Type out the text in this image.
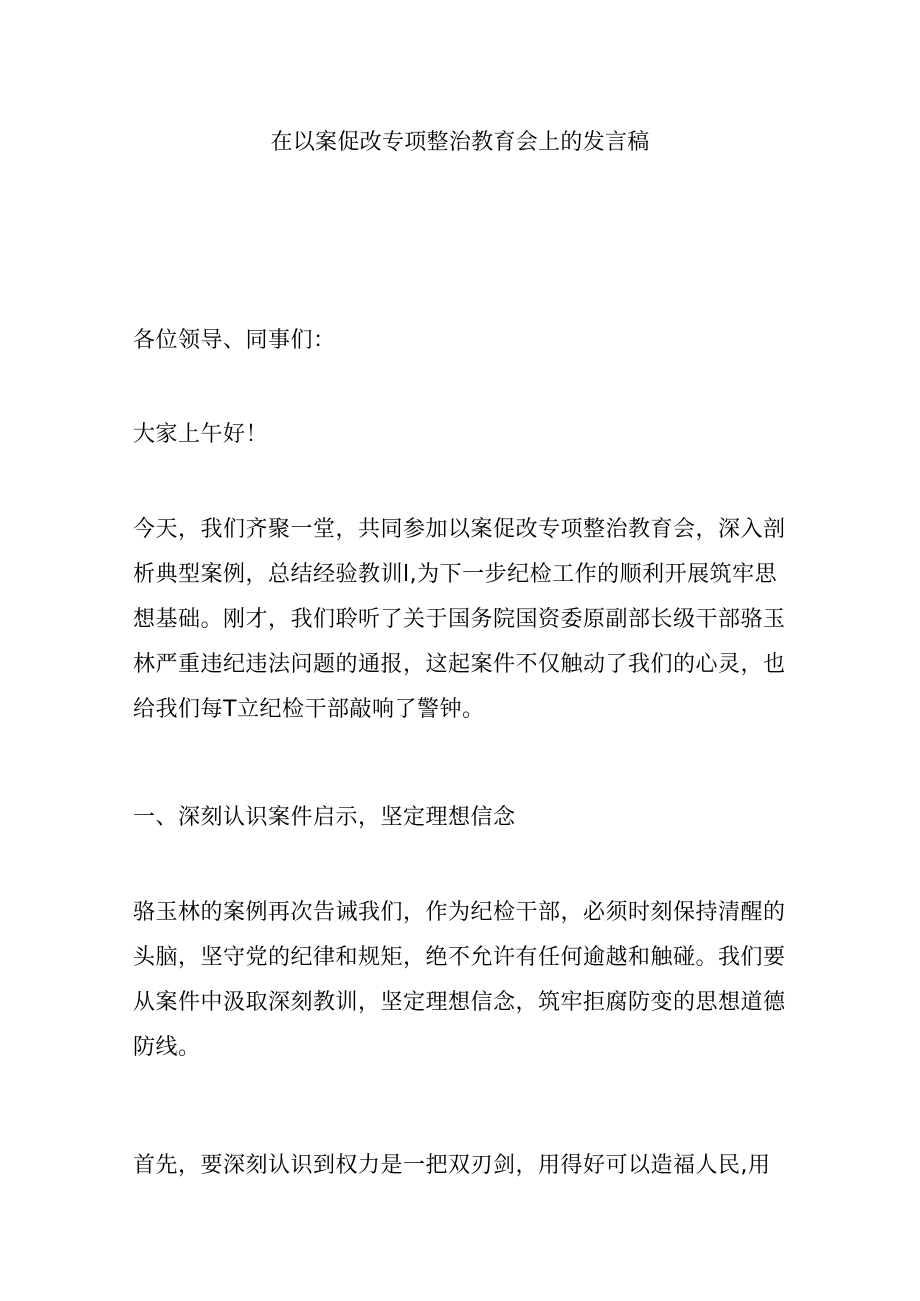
在以案促改专项整治教育会上的发言稿

各位领导、同事们：

大家上午好！

今天，我们齐聚一堂，共同参加以案促改专项整治教育会，深入剖析典型案例，总结经验教训l,为下一步纪检工作的顺利开展筑牢思想基础。刚才，我们聆听了关于国务院国资委原副部长级干部骆玉林严重违纪违法问题的通报，这起案件不仅触动了我们的心灵，也给我们每T立纪检干部敲响了警钟。

一、深刻认识案件启示，坚定理想信念

骆玉林的案例再次告诫我们，作为纪检干部，必须时刻保持清醒的头脑，坚守党的纪律和规矩，绝不允许有任何逾越和触碰。我们要从案件中汲取深刻教训，坚定理想信念，筑牢拒腐防变的思想道德防线。

首先，要深刻认识到权力是一把双刃剑，用得好可以造福人民,用
